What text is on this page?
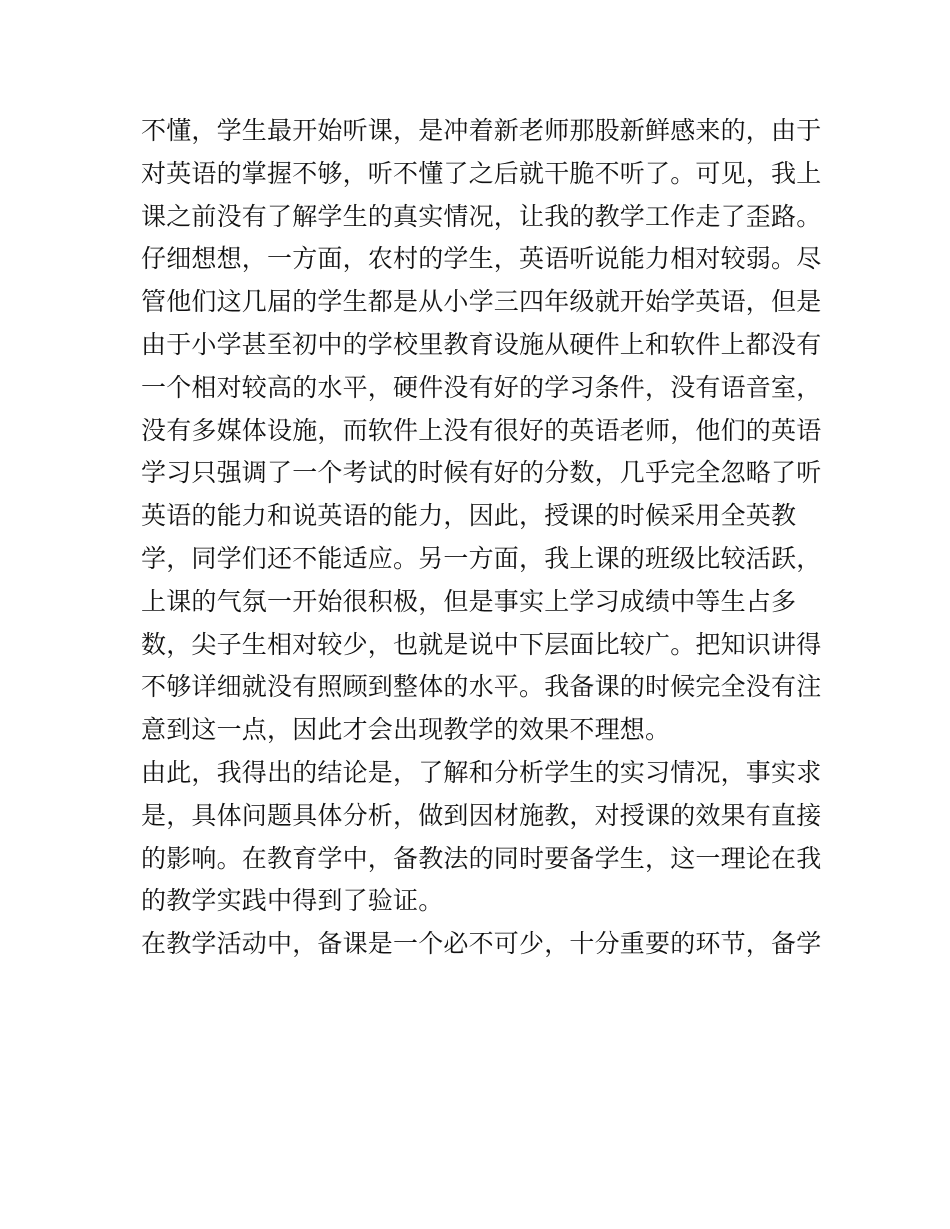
不懂，学生最开始听课，是冲着新老师那股新鲜感来的，由于
对英语的掌握不够，听不懂了之后就干脆不听了。可见，我上
课之前没有了解学生的真实情况，让我的教学工作走了歪路。
仔细想想，一方面，农村的学生，英语听说能力相对较弱。尽
管他们这几届的学生都是从小学三四年级就开始学英语，但是
由于小学甚至初中的学校里教育设施从硬件上和软件上都没有
一个相对较高的水平，硬件没有好的学习条件，没有语音室，
没有多媒体设施，而软件上没有很好的英语老师，他们的英语
学习只强调了一个考试的时候有好的分数，几乎完全忽略了听
英语的能力和说英语的能力，因此，授课的时候采用全英教
学，同学们还不能适应。另一方面，我上课的班级比较活跃，
上课的气氛一开始很积极，但是事实上学习成绩中等生占多
数，尖子生相对较少，也就是说中下层面比较广。把知识讲得
不够详细就没有照顾到整体的水平。我备课的时候完全没有注
意到这一点，因此才会出现教学的效果不理想。
由此，我得出的结论是，了解和分析学生的实习情况，事实求
是，具体问题具体分析，做到因材施教，对授课的效果有直接
的影响。在教育学中，备教法的同时要备学生，这一理论在我
的教学实践中得到了验证。
在教学活动中，备课是一个必不可少，十分重要的环节，备学
